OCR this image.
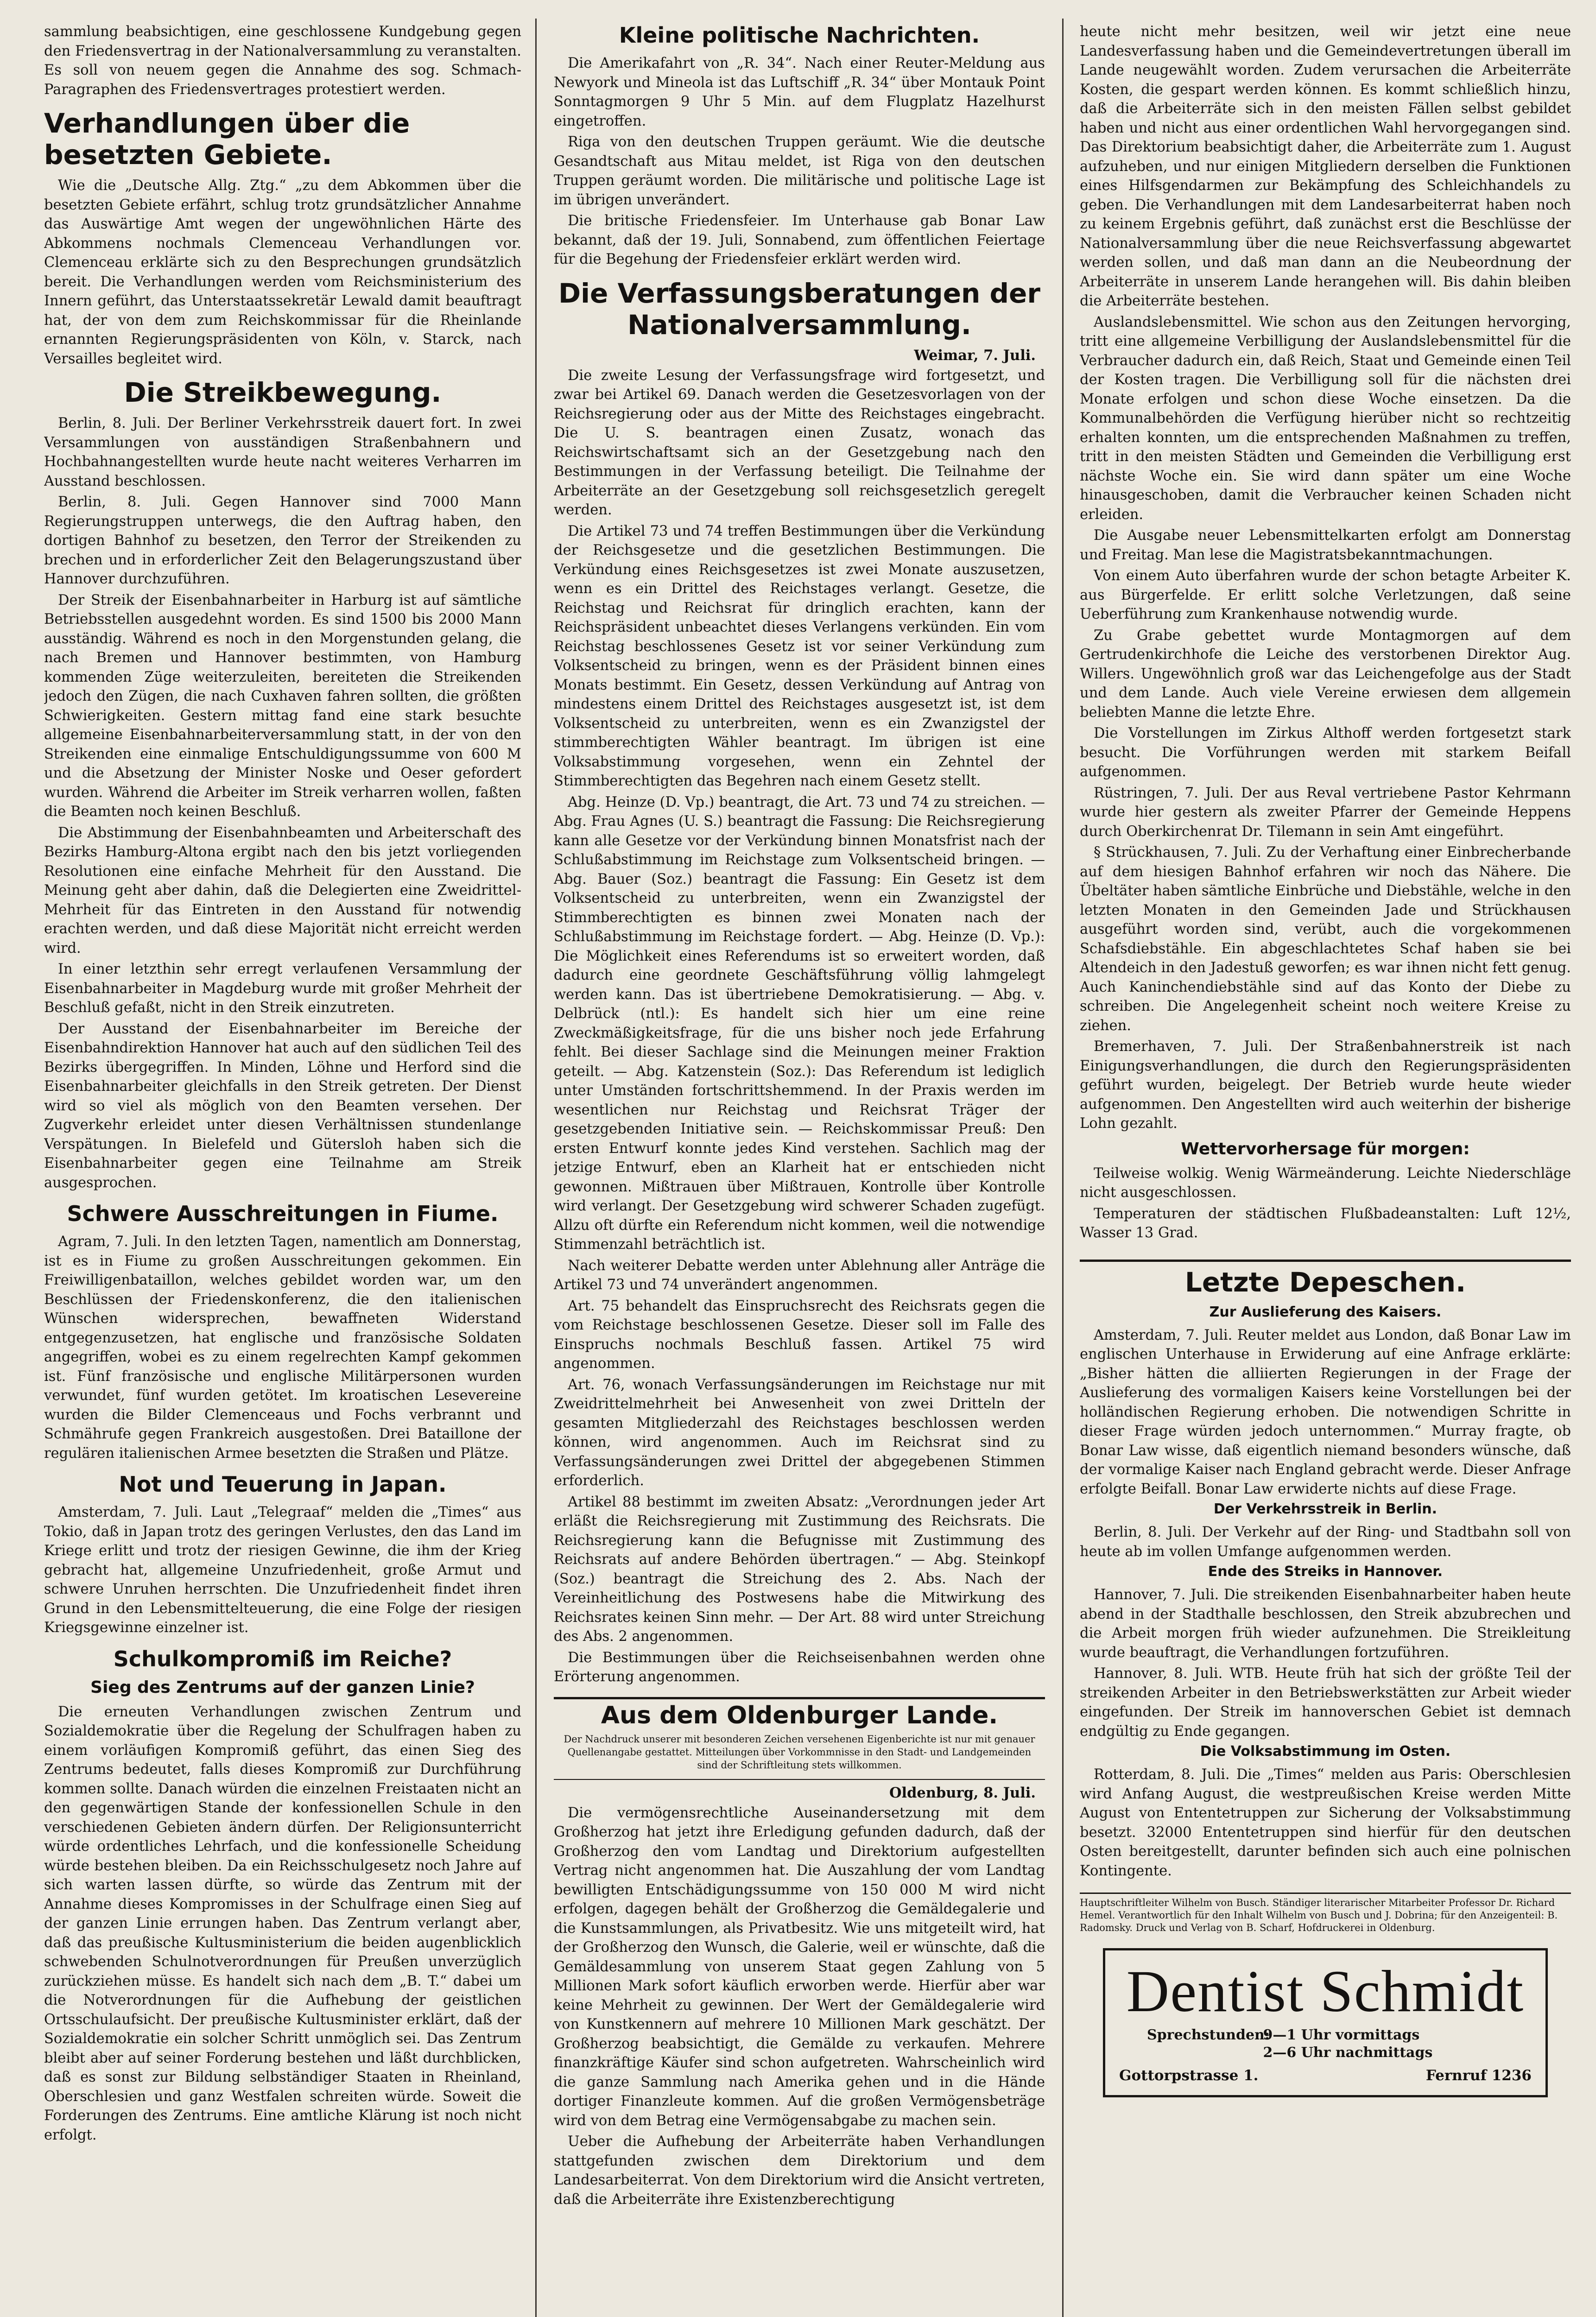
sammlung beabsichtigen, eine geschlossene Kundgebung gegen den Friedensvertrag in der Nationalversammlung zu veranstalten. Es soll von neuem gegen die Annahme des sog. Schmach-Paragraphen des Friedensvertrages protestiert werden.

Verhandlungen über die besetzten Gebiete.

Wie die „Deutsche Allg. Ztg.“ „zu dem Abkommen über die besetzten Gebiete erfährt, schlug trotz grundsätzlicher Annahme das Auswärtige Amt wegen der ungewöhnlichen Härte des Abkommens nochmals Clemenceau Verhandlungen vor. Clemenceau erklärte sich zu den Besprechungen grundsätzlich bereit. Die Verhandlungen werden vom Reichsministerium des Innern geführt, das Unterstaatssekretär Lewald damit beauftragt hat, der von dem zum Reichskommissar für die Rheinlande ernannten Regierungspräsidenten von Köln, v. Starck, nach Versailles begleitet wird.

Die Streikbewegung.

Berlin, 8. Juli. Der Berliner Verkehrsstreik dauert fort. In zwei Versammlungen von ausständigen Straßenbahnern und Hochbahnangestellten wurde heute nacht weiteres Verharren im Ausstand beschlossen.

Berlin, 8. Juli. Gegen Hannover sind 7000 Mann Regierungstruppen unterwegs, die den Auftrag haben, den dortigen Bahnhof zu besetzen, den Terror der Streikenden zu brechen und in erforderlicher Zeit den Belagerungszustand über Hannover durchzuführen.

Der Streik der Eisenbahnarbeiter in Harburg ist auf sämtliche Betriebsstellen ausgedehnt worden. Es sind 1500 bis 2000 Mann ausständig. Während es noch in den Morgenstunden gelang, die nach Bremen und Hannover bestimmten, von Hamburg kommenden Züge weiterzuleiten, bereiteten die Streikenden jedoch den Zügen, die nach Cuxhaven fahren sollten, die größten Schwierigkeiten. Gestern mittag fand eine stark besuchte allgemeine Eisenbahnarbeiterversammlung statt, in der von den Streikenden eine einmalige Entschuldigungssumme von 600 M und die Absetzung der Minister Noske und Oeser gefordert wurden. Während die Arbeiter im Streik verharren wollen, faßten die Beamten noch keinen Beschluß.

Die Abstimmung der Eisenbahnbeamten und Arbeiterschaft des Bezirks Hamburg-Altona ergibt nach den bis jetzt vorliegenden Resolutionen eine einfache Mehrheit für den Ausstand. Die Meinung geht aber dahin, daß die Delegierten eine Zweidrittel-Mehrheit für das Eintreten in den Ausstand für notwendig erachten werden, und daß diese Majorität nicht erreicht werden wird.

In einer letzthin sehr erregt verlaufenen Versammlung der Eisenbahnarbeiter in Magdeburg wurde mit großer Mehrheit der Beschluß gefaßt, nicht in den Streik einzutreten.

Der Ausstand der Eisenbahnarbeiter im Bereiche der Eisenbahndirektion Hannover hat auch auf den südlichen Teil des Bezirks übergegriffen. In Minden, Löhne und Herford sind die Eisenbahnarbeiter gleichfalls in den Streik getreten. Der Dienst wird so viel als möglich von den Beamten versehen. Der Zugverkehr erleidet unter diesen Verhältnissen stundenlange Verspätungen. In Bielefeld und Gütersloh haben sich die Eisenbahnarbeiter gegen eine Teilnahme am Streik ausgesprochen.

Schwere Ausschreitungen in Fiume.

Agram, 7. Juli. In den letzten Tagen, namentlich am Donnerstag, ist es in Fiume zu großen Ausschreitungen gekommen. Ein Freiwilligenbataillon, welches gebildet worden war, um den Beschlüssen der Friedenskonferenz, die den italienischen Wünschen widersprechen, bewaffneten Widerstand entgegenzusetzen, hat englische und französische Soldaten angegriffen, wobei es zu einem regelrechten Kampf gekommen ist. Fünf französische und englische Militärpersonen wurden verwundet, fünf wurden getötet. Im kroatischen Lesevereine wurden die Bilder Clemenceaus und Fochs verbrannt und Schmährufe gegen Frankreich ausgestoßen. Drei Bataillone der regulären italienischen Armee besetzten die Straßen und Plätze.

Not und Teuerung in Japan.

Amsterdam, 7. Juli. Laut „Telegraaf“ melden die „Times“ aus Tokio, daß in Japan trotz des geringen Verlustes, den das Land im Kriege erlitt und trotz der riesigen Gewinne, die ihm der Krieg gebracht hat, allgemeine Unzufriedenheit, große Armut und schwere Unruhen herrschten. Die Unzufriedenheit findet ihren Grund in den Lebensmittelteuerung, die eine Folge der riesigen Kriegsgewinne einzelner ist.

Schulkompromiß im Reiche?
Sieg des Zentrums auf der ganzen Linie?

Die erneuten Verhandlungen zwischen Zentrum und Sozialdemokratie über die Regelung der Schulfragen haben zu einem vorläufigen Kompromiß geführt, das einen Sieg des Zentrums bedeutet, falls dieses Kompromiß zur Durchführung kommen sollte. Danach würden die einzelnen Freistaaten nicht an den gegenwärtigen Stande der konfessionellen Schule in den verschiedenen Gebieten ändern dürfen. Der Religionsunterricht würde ordentliches Lehrfach, und die konfessionelle Scheidung würde bestehen bleiben. Da ein Reichsschulgesetz noch Jahre auf sich warten lassen dürfte, so würde das Zentrum mit der Annahme dieses Kompromisses in der Schulfrage einen Sieg auf der ganzen Linie errungen haben. Das Zentrum verlangt aber, daß das preußische Kultusministerium die beiden augenblicklich schwebenden Schulnotverordnungen für Preußen unverzüglich zurückziehen müsse. Es handelt sich nach dem „B. T.“ dabei um die Notverordnungen für die Aufhebung der geistlichen Ortsschulaufsicht. Der preußische Kultusminister erklärt, daß der Sozialdemokratie ein solcher Schritt unmöglich sei. Das Zentrum bleibt aber auf seiner Forderung bestehen und läßt durchblicken, daß es sonst zur Bildung selbständiger Staaten in Rheinland, Oberschlesien und ganz Westfalen schreiten würde. Soweit die Forderungen des Zentrums. Eine amtliche Klärung ist noch nicht erfolgt.

Kleine politische Nachrichten.

Die Amerikafahrt von „R. 34“. Nach einer Reuter-Meldung aus Newyork und Mineola ist das Luftschiff „R. 34“ über Montauk Point Sonntagmorgen 9 Uhr 5 Min. auf dem Flugplatz Hazelhurst eingetroffen.

Riga von den deutschen Truppen geräumt. Wie die deutsche Gesandtschaft aus Mitau meldet, ist Riga von den deutschen Truppen geräumt worden. Die militärische und politische Lage ist im übrigen unverändert.

Die britische Friedensfeier. Im Unterhause gab Bonar Law bekannt, daß der 19. Juli, Sonnabend, zum öffentlichen Feiertage für die Begehung der Friedensfeier erklärt werden wird.

Die Verfassungsberatungen der Nationalversammlung.
Weimar, 7. Juli.

Die zweite Lesung der Verfassungsfrage wird fortgesetzt, und zwar bei Artikel 69. Danach werden die Gesetzesvorlagen von der Reichsregierung oder aus der Mitte des Reichstages eingebracht. Die U. S. beantragen einen Zusatz, wonach das Reichswirtschaftsamt sich an der Gesetzgebung nach den Bestimmungen in der Verfassung beteiligt. Die Teilnahme der Arbeiterräte an der Gesetzgebung soll reichsgesetzlich geregelt werden.

Die Artikel 73 und 74 treffen Bestimmungen über die Verkündung der Reichsgesetze und die gesetzlichen Bestimmungen. Die Verkündung eines Reichsgesetzes ist zwei Monate auszusetzen, wenn es ein Drittel des Reichstages verlangt. Gesetze, die Reichstag und Reichsrat für dringlich erachten, kann der Reichspräsident unbeachtet dieses Verlangens verkünden. Ein vom Reichstag beschlossenes Gesetz ist vor seiner Verkündung zum Volksentscheid zu bringen, wenn es der Präsident binnen eines Monats bestimmt. Ein Gesetz, dessen Verkündung auf Antrag von mindestens einem Drittel des Reichstages ausgesetzt ist, ist dem Volksentscheid zu unterbreiten, wenn es ein Zwanzigstel der stimmberechtigten Wähler beantragt. Im übrigen ist eine Volksabstimmung vorgesehen, wenn ein Zehntel der Stimmberechtigten das Begehren nach einem Gesetz stellt.

Abg. Heinze (D. Vp.) beantragt, die Art. 73 und 74 zu streichen. — Abg. Frau Agnes (U. S.) beantragt die Fassung: Die Reichsregierung kann alle Gesetze vor der Verkündung binnen Monatsfrist nach der Schlußabstimmung im Reichstage zum Volksentscheid bringen. — Abg. Bauer (Soz.) beantragt die Fassung: Ein Gesetz ist dem Volksentscheid zu unterbreiten, wenn ein Zwanzigstel der Stimmberechtigten es binnen zwei Monaten nach der Schlußabstimmung im Reichstage fordert. — Abg. Heinze (D. Vp.): Die Möglichkeit eines Referendums ist so erweitert worden, daß dadurch eine geordnete Geschäftsführung völlig lahmgelegt werden kann. Das ist übertriebene Demokratisierung. — Abg. v. Delbrück (ntl.): Es handelt sich hier um eine reine Zweckmäßigkeitsfrage, für die uns bisher noch jede Erfahrung fehlt. Bei dieser Sachlage sind die Meinungen meiner Fraktion geteilt. — Abg. Katzenstein (Soz.): Das Referendum ist lediglich unter Umständen fortschrittshemmend. In der Praxis werden im wesentlichen nur Reichstag und Reichsrat Träger der gesetzgebenden Initiative sein. — Reichskommissar Preuß: Den ersten Entwurf konnte jedes Kind verstehen. Sachlich mag der jetzige Entwurf, eben an Klarheit hat er entschieden nicht gewonnen. Mißtrauen über Mißtrauen, Kontrolle über Kontrolle wird verlangt. Der Gesetzgebung wird schwerer Schaden zugefügt. Allzu oft dürfte ein Referendum nicht kommen, weil die notwendige Stimmenzahl beträchtlich ist.

Nach weiterer Debatte werden unter Ablehnung aller Anträge die Artikel 73 und 74 unverändert angenommen.

Art. 75 behandelt das Einspruchsrecht des Reichsrats gegen die vom Reichstage beschlossenen Gesetze. Dieser soll im Falle des Einspruchs nochmals Beschluß fassen. Artikel 75 wird angenommen.

Art. 76, wonach Verfassungsänderungen im Reichstage nur mit Zweidrittelmehrheit bei Anwesenheit von zwei Dritteln der gesamten Mitgliederzahl des Reichstages beschlossen werden können, wird angenommen. Auch im Reichsrat sind zu Verfassungsänderungen zwei Drittel der abgegebenen Stimmen erforderlich.

Artikel 88 bestimmt im zweiten Absatz: „Verordnungen jeder Art erläßt die Reichsregierung mit Zustimmung des Reichsrats. Die Reichsregierung kann die Befugnisse mit Zustimmung des Reichsrats auf andere Behörden übertragen.“ — Abg. Steinkopf (Soz.) beantragt die Streichung des 2. Abs. Nach der Vereinheitlichung des Postwesens habe die Mitwirkung des Reichsrates keinen Sinn mehr. — Der Art. 88 wird unter Streichung des Abs. 2 angenommen.

Die Bestimmungen über die Reichseisenbahnen werden ohne Erörterung angenommen.

Aus dem Oldenburger Lande.
Der Nachdruck unserer mit besonderen Zeichen versehenen Eigenberichte ist nur mit genauer Quellenangabe gestattet. Mitteilungen über Vorkommnisse in den Stadt- und Landgemeinden sind der Schriftleitung stets willkommen.
Oldenburg, 8. Juli.

Die vermögensrechtliche Auseinandersetzung mit dem Großherzog hat jetzt ihre Erledigung gefunden dadurch, daß der Großherzog den vom Landtag und Direktorium aufgestellten Vertrag nicht angenommen hat. Die Auszahlung der vom Landtag bewilligten Entschädigungssumme von 150 000 M wird nicht erfolgen, dagegen behält der Großherzog die Gemäldegalerie und die Kunstsammlungen, als Privatbesitz. Wie uns mitgeteilt wird, hat der Großherzog den Wunsch, die Galerie, weil er wünschte, daß die Gemäldesammlung von unserem Staat gegen Zahlung von 5 Millionen Mark sofort käuflich erworben werde. Hierfür aber war keine Mehrheit zu gewinnen. Der Wert der Gemäldegalerie wird von Kunstkennern auf mehrere 10 Millionen Mark geschätzt. Der Großherzog beabsichtigt, die Gemälde zu verkaufen. Mehrere finanzkräftige Käufer sind schon aufgetreten. Wahrscheinlich wird die ganze Sammlung nach Amerika gehen und in die Hände dortiger Finanzleute kommen. Auf die großen Vermögensbeträge wird von dem Betrag eine Vermögensabgabe zu machen sein.

Ueber die Aufhebung der Arbeiterräte haben Verhandlungen stattgefunden zwischen dem Direktorium und dem Landesarbeiterrat. Von dem Direktorium wird die Ansicht vertreten, daß die Arbeiterräte ihre Existenzberechtigung

heute nicht mehr besitzen, weil wir jetzt eine neue Landesverfassung haben und die Gemeindevertretungen überall im Lande neugewählt worden. Zudem verursachen die Arbeiterräte Kosten, die gespart werden können. Es kommt schließlich hinzu, daß die Arbeiterräte sich in den meisten Fällen selbst gebildet haben und nicht aus einer ordentlichen Wahl hervorgegangen sind. Das Direktorium beabsichtigt daher, die Arbeiterräte zum 1. August aufzuheben, und nur einigen Mitgliedern derselben die Funktionen eines Hilfsgendarmen zur Bekämpfung des Schleichhandels zu geben. Die Verhandlungen mit dem Landesarbeiterrat haben noch zu keinem Ergebnis geführt, daß zunächst erst die Beschlüsse der Nationalversammlung über die neue Reichsverfassung abgewartet werden sollen, und daß man dann an die Neubeordnung der Arbeiterräte in unserem Lande herangehen will. Bis dahin bleiben die Arbeiterräte bestehen.

Auslandslebensmittel. Wie schon aus den Zeitungen hervorging, tritt eine allgemeine Verbilligung der Auslandslebensmittel für die Verbraucher dadurch ein, daß Reich, Staat und Gemeinde einen Teil der Kosten tragen. Die Verbilligung soll für die nächsten drei Monate erfolgen und schon diese Woche einsetzen. Da die Kommunalbehörden die Verfügung hierüber nicht so rechtzeitig erhalten konnten, um die entsprechenden Maßnahmen zu treffen, tritt in den meisten Städten und Gemeinden die Verbilligung erst nächste Woche ein. Sie wird dann später um eine Woche hinausgeschoben, damit die Verbraucher keinen Schaden nicht erleiden.

Die Ausgabe neuer Lebensmittelkarten erfolgt am Donnerstag und Freitag. Man lese die Magistratsbekanntmachungen.

Von einem Auto überfahren wurde der schon betagte Arbeiter K. aus Bürgerfelde. Er erlitt solche Verletzungen, daß seine Ueberführung zum Krankenhause notwendig wurde.

Zu Grabe gebettet wurde Montagmorgen auf dem Gertrudenkirchhofe die Leiche des verstorbenen Direktor Aug. Willers. Ungewöhnlich groß war das Leichengefolge aus der Stadt und dem Lande. Auch viele Vereine erwiesen dem allgemein beliebten Manne die letzte Ehre.

Die Vorstellungen im Zirkus Althoff werden fortgesetzt stark besucht. Die Vorführungen werden mit starkem Beifall aufgenommen.

Rüstringen, 7. Juli. Der aus Reval vertriebene Pastor Kehrmann wurde hier gestern als zweiter Pfarrer der Gemeinde Heppens durch Oberkirchenrat Dr. Tilemann in sein Amt eingeführt.

§ Strückhausen, 7. Juli. Zu der Verhaftung einer Einbrecherbande auf dem hiesigen Bahnhof erfahren wir noch das Nähere. Die Übeltäter haben sämtliche Einbrüche und Diebstähle, welche in den letzten Monaten in den Gemeinden Jade und Strückhausen ausgeführt worden sind, verübt, auch die vorgekommenen Schafsdiebstähle. Ein abgeschlachtetes Schaf haben sie bei Altendeich in den Jadestuß geworfen; es war ihnen nicht fett genug. Auch Kaninchendiebstähle sind auf das Konto der Diebe zu schreiben. Die Angelegenheit scheint noch weitere Kreise zu ziehen.

Bremerhaven, 7. Juli. Der Straßenbahnerstreik ist nach Einigungsverhandlungen, die durch den Regierungspräsidenten geführt wurden, beigelegt. Der Betrieb wurde heute wieder aufgenommen. Den Angestellten wird auch weiterhin der bisherige Lohn gezahlt.

Wettervorhersage für morgen:

Teilweise wolkig. Wenig Wärmeänderung. Leichte Niederschläge nicht ausgeschlossen.

Temperaturen der städtischen Flußbadeanstalten: Luft 12½, Wasser 13 Grad.

Letzte Depeschen.
Zur Auslieferung des Kaisers.

Amsterdam, 7. Juli. Reuter meldet aus London, daß Bonar Law im englischen Unterhause in Erwiderung auf eine Anfrage erklärte: „Bisher hätten die alliierten Regierungen in der Frage der Auslieferung des vormaligen Kaisers keine Vorstellungen bei der holländischen Regierung erhoben. Die notwendigen Schritte in dieser Frage würden jedoch unternommen.“ Murray fragte, ob Bonar Law wisse, daß eigentlich niemand besonders wünsche, daß der vormalige Kaiser nach England gebracht werde. Dieser Anfrage erfolgte Beifall. Bonar Law erwiderte nichts auf diese Frage.

Der Verkehrsstreik in Berlin.

Berlin, 8. Juli. Der Verkehr auf der Ring- und Stadtbahn soll von heute ab im vollen Umfange aufgenommen werden.

Ende des Streiks in Hannover.

Hannover, 7. Juli. Die streikenden Eisenbahnarbeiter haben heute abend in der Stadthalle beschlossen, den Streik abzubrechen und die Arbeit morgen früh wieder aufzunehmen. Die Streikleitung wurde beauftragt, die Verhandlungen fortzuführen.

Hannover, 8. Juli. WTB. Heute früh hat sich der größte Teil der streikenden Arbeiter in den Betriebswerkstätten zur Arbeit wieder eingefunden. Der Streik im hannoverschen Gebiet ist demnach endgültig zu Ende gegangen.

Die Volksabstimmung im Osten.

Rotterdam, 8. Juli. Die „Times“ melden aus Paris: Oberschlesien wird Anfang August, die westpreußischen Kreise werden Mitte August von Ententetruppen zur Sicherung der Volksabstimmung besetzt. 32000 Ententetruppen sind hierfür für den deutschen Osten bereitgestellt, darunter befinden sich auch eine polnischen Kontingente.

Hauptschriftleiter Wilhelm von Busch. Ständiger literarischer Mitarbeiter Professor Dr. Richard Hemel. Verantwortlich für den Inhalt Wilhelm von Busch und J. Dobrina; für den Anzeigenteil: B. Radomsky. Druck und Verlag von B. Scharf, Hofdruckerei in Oldenburg.
Dentist Schmidt
Sprechstunden: 9—1 Uhr vormittags
2—6 Uhr nachmittags
Gottorpstrasse 1.	Fernruf 1236
